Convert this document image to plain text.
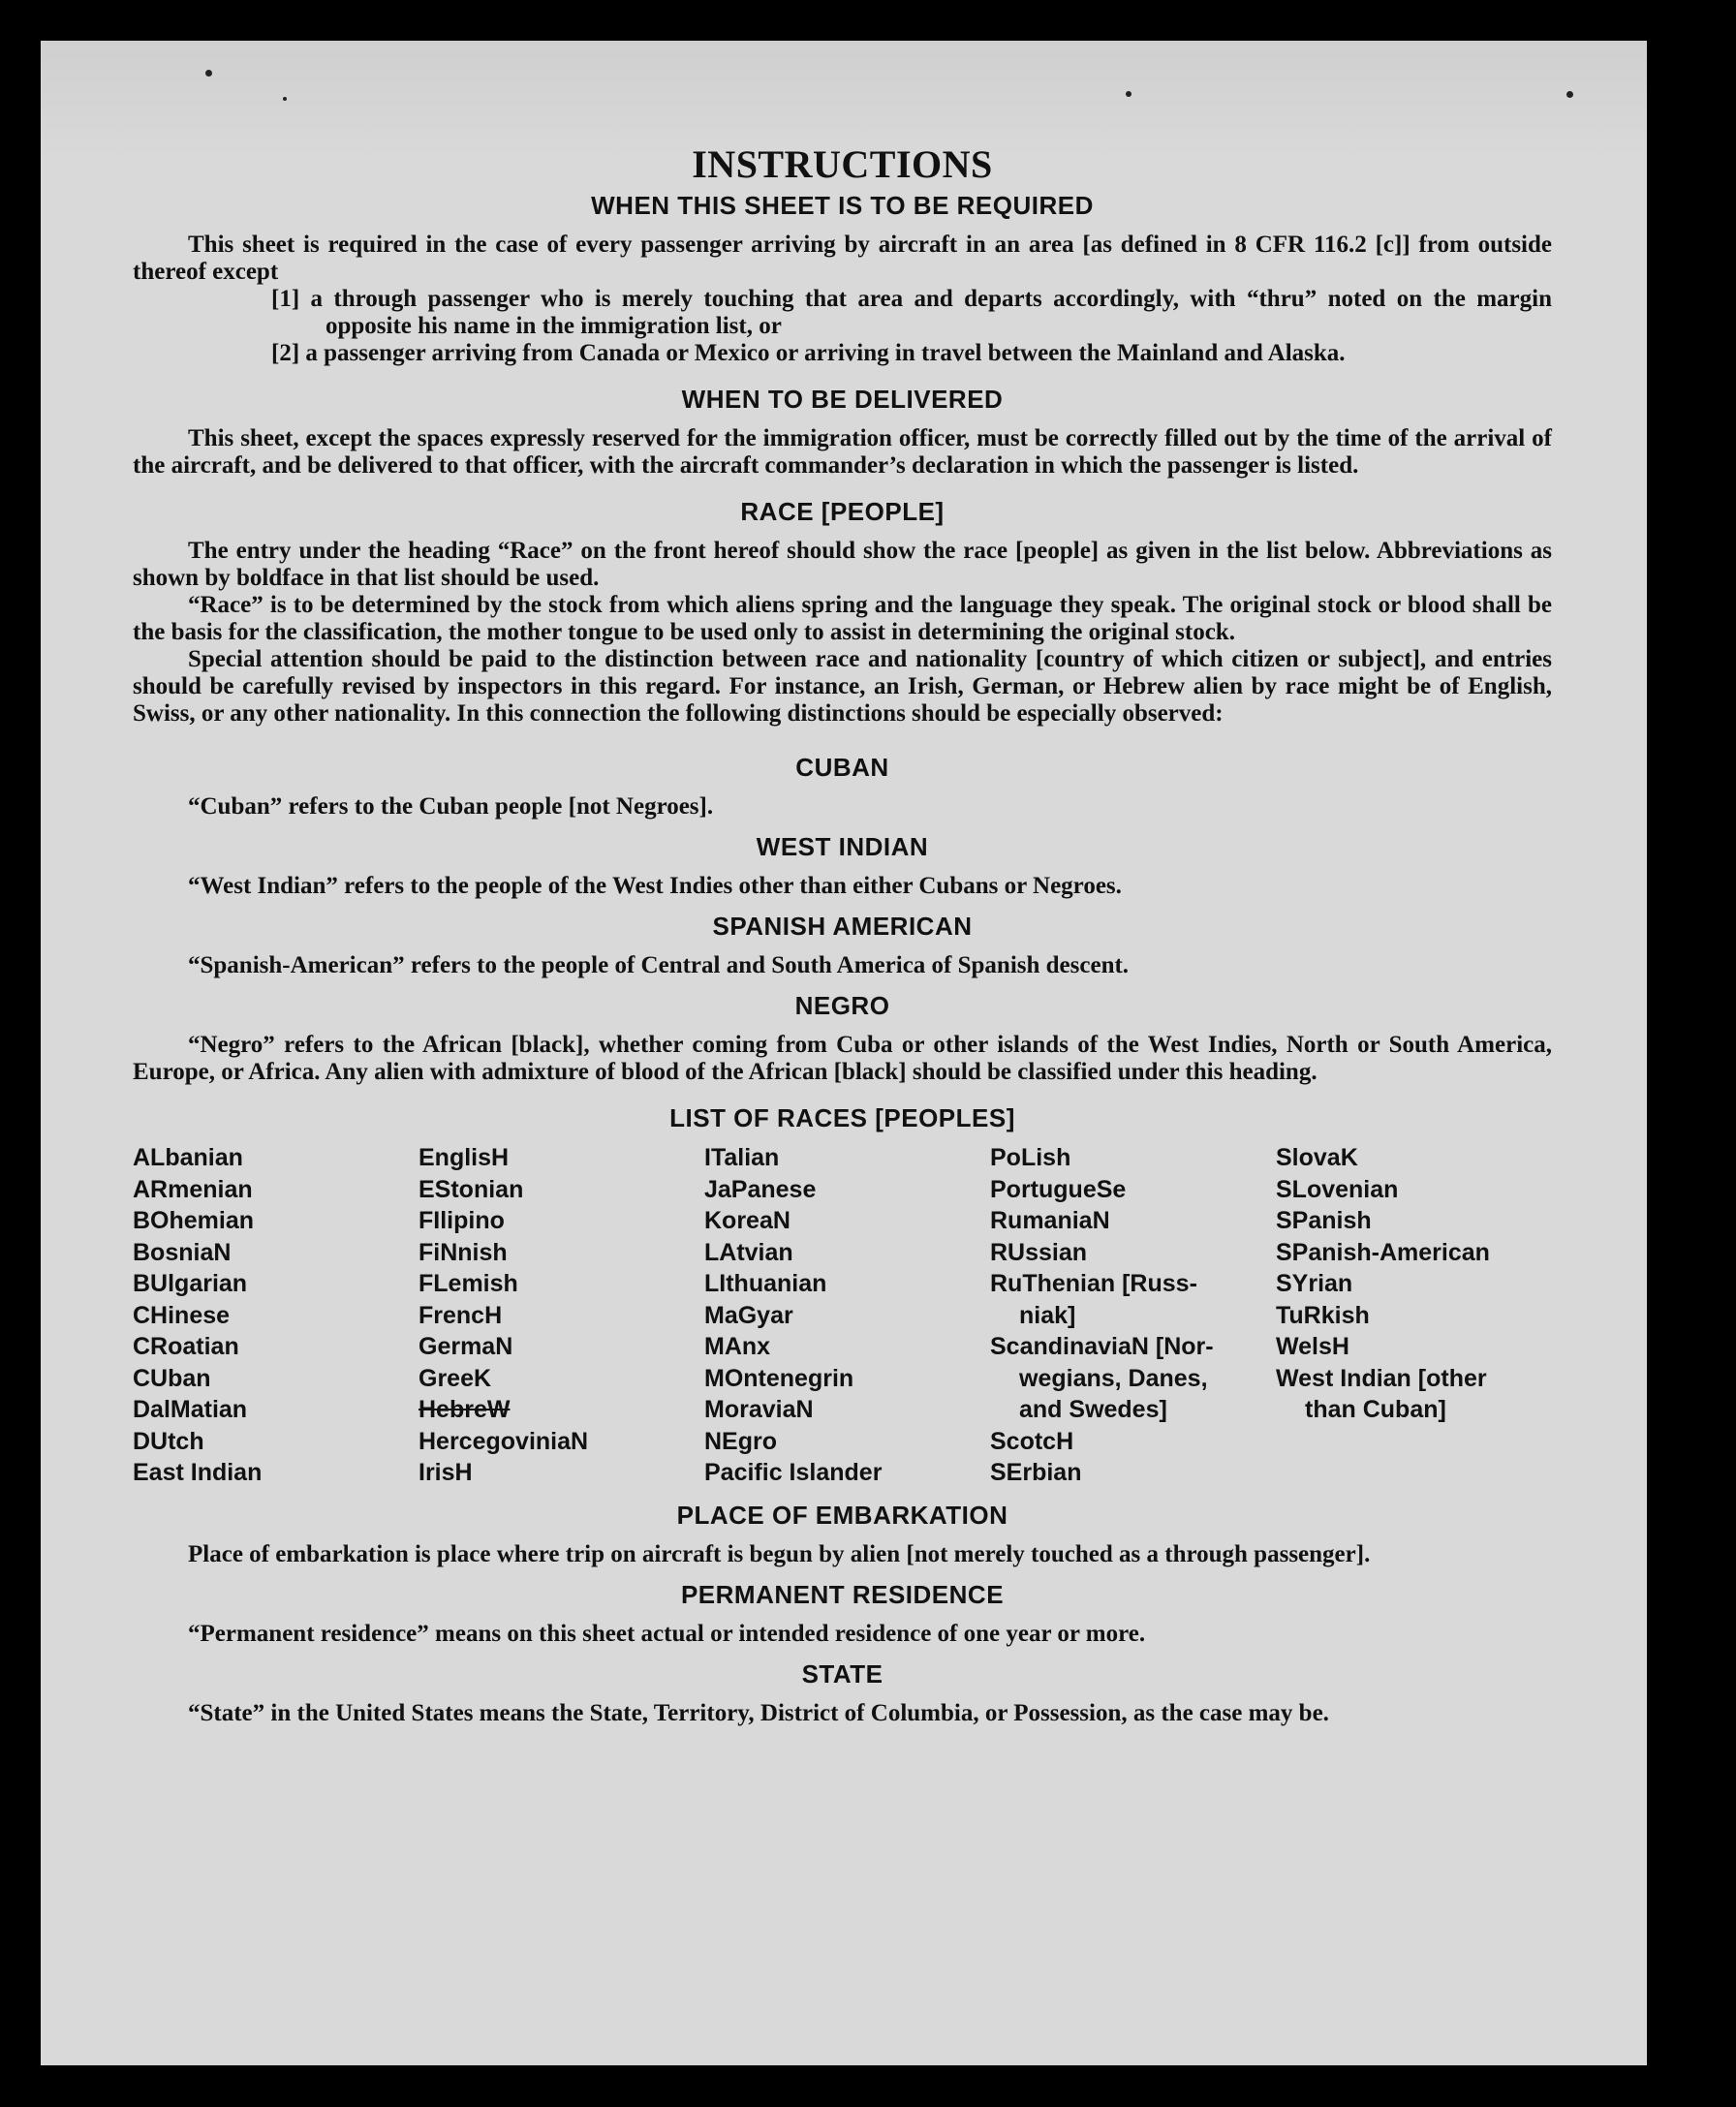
INSTRUCTIONS
WHEN THIS SHEET IS TO BE REQUIRED

This sheet is required in the case of every passenger arriving by aircraft in an area [as defined in 8 CFR 116.2 [c]] from outside thereof except

[1] a through passenger who is merely touching that area and departs accordingly, with “thru” noted on the margin opposite his name in the immigration list, or

[2] a passenger arriving from Canada or Mexico or arriving in travel between the Mainland and Alaska.

WHEN TO BE DELIVERED

This sheet, except the spaces expressly reserved for the immigration officer, must be correctly filled out by the time of the arrival of the aircraft, and be delivered to that officer, with the aircraft commander’s declaration in which the passenger is listed.

RACE [PEOPLE]

The entry under the heading “Race” on the front hereof should show the race [people] as given in the list below. Abbreviations as shown by boldface in that list should be used.

“Race” is to be determined by the stock from which aliens spring and the language they speak. The original stock or blood shall be the basis for the classification, the mother tongue to be used only to assist in determining the original stock.

Special attention should be paid to the distinction between race and nationality [country of which citizen or subject], and entries should be carefully revised by inspectors in this regard. For instance, an Irish, German, or Hebrew alien by race might be of English, Swiss, or any other nationality. In this connection the following distinctions should be especially observed:

CUBAN

“Cuban” refers to the Cuban people [not Negroes].

WEST INDIAN

“West Indian” refers to the people of the West Indies other than either Cubans or Negroes.

SPANISH AMERICAN

“Spanish-American” refers to the people of Central and South America of Spanish descent.

NEGRO

“Negro” refers to the African [black], whether coming from Cuba or other islands of the West Indies, North or South America, Europe, or Africa. Any alien with admixture of blood of the African [black] should be classified under this heading.

LIST OF RACES [PEOPLES]
ALbanian
ARmenian
BOhemian
BosniaN
BUlgarian
CHinese
CRoatian
CUban
DalMatian
DUtch
East Indian
EnglisH
EStonian
FIlipino
FiNnish
FLemish
FrencH
GermaN
GreeK
HebreW
HercegoviniaN
IrisH
ITalian
JaPanese
KoreaN
LAtvian
LIthuanian
MaGyar
MAnx
MOntenegrin
MoraviaN
NEgro
Pacific Islander
PoLish
PortugueSe
RumaniaN
RUssian
RuThenian [Russ-
niak]
ScandinaviaN [Nor-
wegians, Danes,
and Swedes]
ScotcH
SErbian
SlovaK
SLovenian
SPanish
SPanish-American
SYrian
TuRkish
WelsH
West Indian [other
than Cuban]
PLACE OF EMBARKATION

Place of embarkation is place where trip on aircraft is begun by alien [not merely touched as a through passenger].

PERMANENT RESIDENCE

“Permanent residence” means on this sheet actual or intended residence of one year or more.

STATE

“State” in the United States means the State, Territory, District of Columbia, or Possession, as the case may be.
